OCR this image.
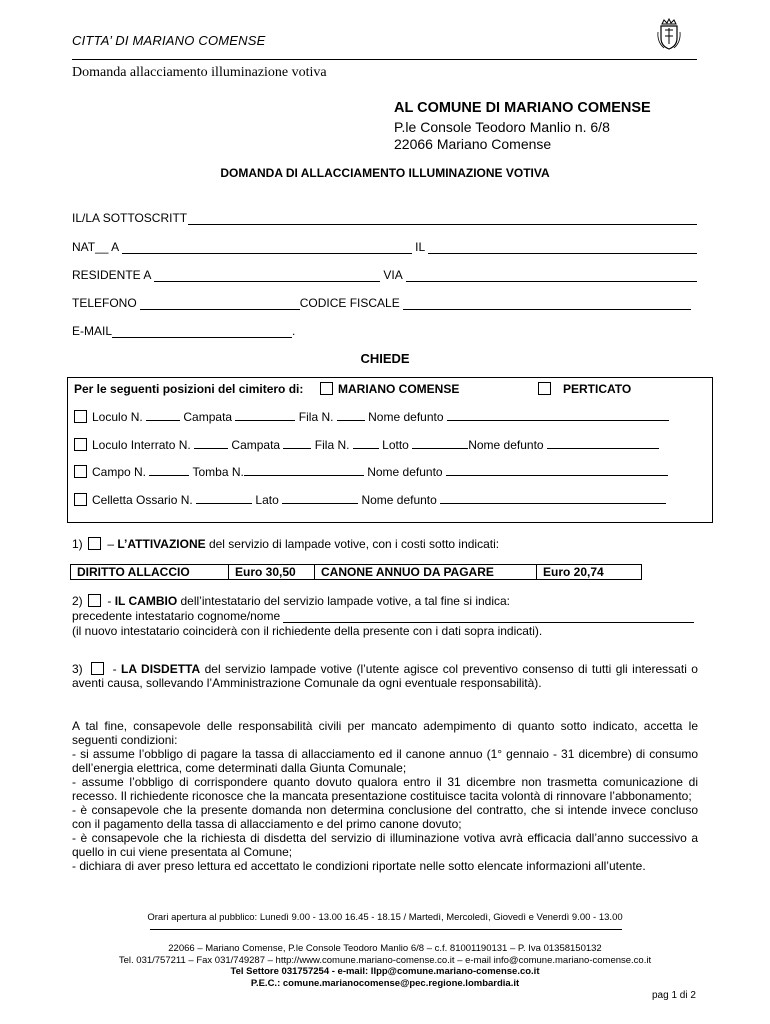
CITTA’ DI MARIANO COMENSE
Domanda allacciamento illuminazione votiva
AL COMUNE DI MARIANO COMENSE
P.le Console Teodoro Manlio n. 6/8
22066 Mariano Comense
DOMANDA DI ALLACCIAMENTO ILLUMINAZIONE VOTIVA
IL/LA SOTTOSCRITT
NAT__ A	IL
RESIDENTE A	VIA
TELEFONO	CODICE FISCALE
E-MAIL	.
CHIEDE
Per le seguenti posizioni del cimitero di:	MARIANO COMENSE	PERTICATO
Loculo N.	Campata	Fila N.	Nome defunto
Loculo Interrato N.	Campata	Fila N.	Lotto	Nome defunto
Campo N.	Tomba N.	Nome defunto
Celletta Ossario N.	Lato	Nome defunto
1) – L’ATTIVAZIONE del servizio di lampade votive, con i costi sotto indicati:
DIRITTO ALLACCIO	Euro 30,50	CANONE ANNUO DA PAGARE	Euro 20,74
2) - IL CAMBIO dell’intestatario del servizio lampade votive, a tal fine si indica:
precedente intestatario cognome/nome
(il nuovo intestatario coinciderà con il richiedente della presente con i dati sopra indicati).
3) - LA DISDETTA del servizio lampade votive (l’utente agisce col preventivo consenso di tutti gli interessati o aventi causa, sollevando l’Amministrazione Comunale da ogni eventuale responsabilità).
A tal fine, consapevole delle responsabilità civili per mancato adempimento di quanto sotto indicato, accetta le seguenti condizioni:
- si assume l’obbligo di pagare la tassa di allacciamento ed il canone annuo (1° gennaio - 31 dicembre) di consumo dell’energia elettrica, come determinati dalla Giunta Comunale;
- assume l’obbligo di corrispondere quanto dovuto qualora entro il 31 dicembre non trasmetta comunicazione di recesso. Il richiedente riconosce che la mancata presentazione costituisce tacita volontà di rinnovare l’abbonamento;
- è consapevole che la presente domanda non determina conclusione del contratto, che si intende invece concluso con il pagamento della tassa di allacciamento e del primo canone dovuto;
- è consapevole che la richiesta di disdetta del servizio di illuminazione votiva avrà efficacia dall’anno successivo a quello in cui viene presentata al Comune;
- dichiara di aver preso lettura ed accettato le condizioni riportate nelle sotto elencate informazioni all’utente.
Orari apertura al pubblico: Lunedì 9.00 - 13.00 16.45 - 18.15 / Martedì, Mercoledì, Giovedì e Venerdì 9.00 - 13.00
22066 – Mariano Comense, P.le Console Teodoro Manlio 6/8 – c.f. 81001190131 – P. Iva 01358150132
Tel. 031/757211 – Fax 031/749287 – http://www.comune.mariano-comense.co.it – e-mail info@comune.mariano-comense.co.it
Tel Settore 031757254 - e-mail: llpp@comune.mariano-comense.co.it
P.E.C.: comune.marianocomense@pec.regione.lombardia.it
pag 1 di 2
